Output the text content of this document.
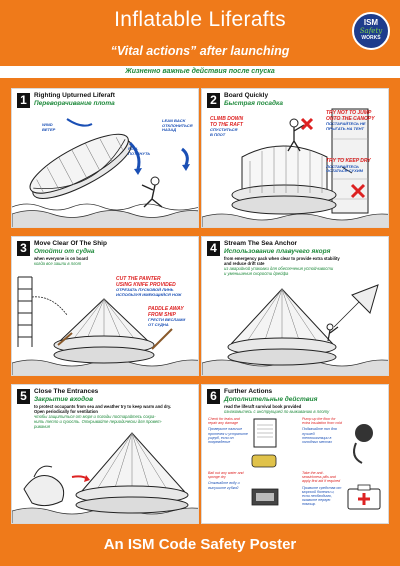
Inflatable Liferafts
“Vital actions” after launching
ISM
Safety
WORKS
Жизненно важные действия после спуска
1	Righting Upturned Liferaft
Переворачивание плота
WIND
ВЕТЕР
LEAN BACK
ОТКЛОНИТЬСЯ
НАЗАД
PULL
ПОТЯНУТЬ
2	Board Quickly
Быстрая посадка
CLIMB DOWN
TO THE RAFT
СПУСТИТЬСЯ
В ПЛОТ
TRY NOT TO JUMP
ONTO THE CANOPY
ПОСТАРАЙТЕСЬ НЕ
ПРЫГАТЬ НА ТЕНТ
TRY TO KEEP DRY
ПОСТАРАЙТЕСЬ
ОСТАТЬСЯ СУХИМ
3	Move Clear Of The Ship
Отойти от судна
when everyone is on board
когда все зашли в плот
CUT THE PAINTER
USING KNIFE PROVIDED
ОТРЕЗАТЬ ПУСКОВОЙ ЛИНЬ
ИСПОЛЬЗУЯ ИМЕЮЩИЙСЯ НОЖ
PADDLE AWAY
FROM SHIP
ГРЕСТИ ВЕСЛАМИ
ОТ СУДНА
4	Stream The Sea Anchor
Использование плавучего якоря
from emergency pack when clear to provide extra stability
and reduce drift rate
из аварийной упаковки для обеспечения устойчивости
и уменьшения скорости дрейфа
5	Close The Entrances
Закрытие входов
to protect occupants from sea and weather try to keep warm and dry.
Open periodically for ventilation
чтобы защититься от моря и погоды постарайтесь сохра-
нить тепло и сухость. Открывайте периодически для провет-
ривания
6	Further Actions
Дополнительные действия
read the liferaft survival book provided
ознакомьтесь с инструкцией по выживанию в плоту
Check for leaks and repair any damage
Проверьте наличие протечек и устраните ущерб, если он повреждение
Bail out any water and sponge dry
Откачайте воду и высушите губкой
Pump up the floor for extra insulation from cold
Подкачайте пол для лучшей теплоизоляции в холодных местах
Take the anti-seasickness pills and apply first aid if required
Примите средства от морской болезни и, если необходимо, окажите первую помощь
An ISM Code Safety Poster
